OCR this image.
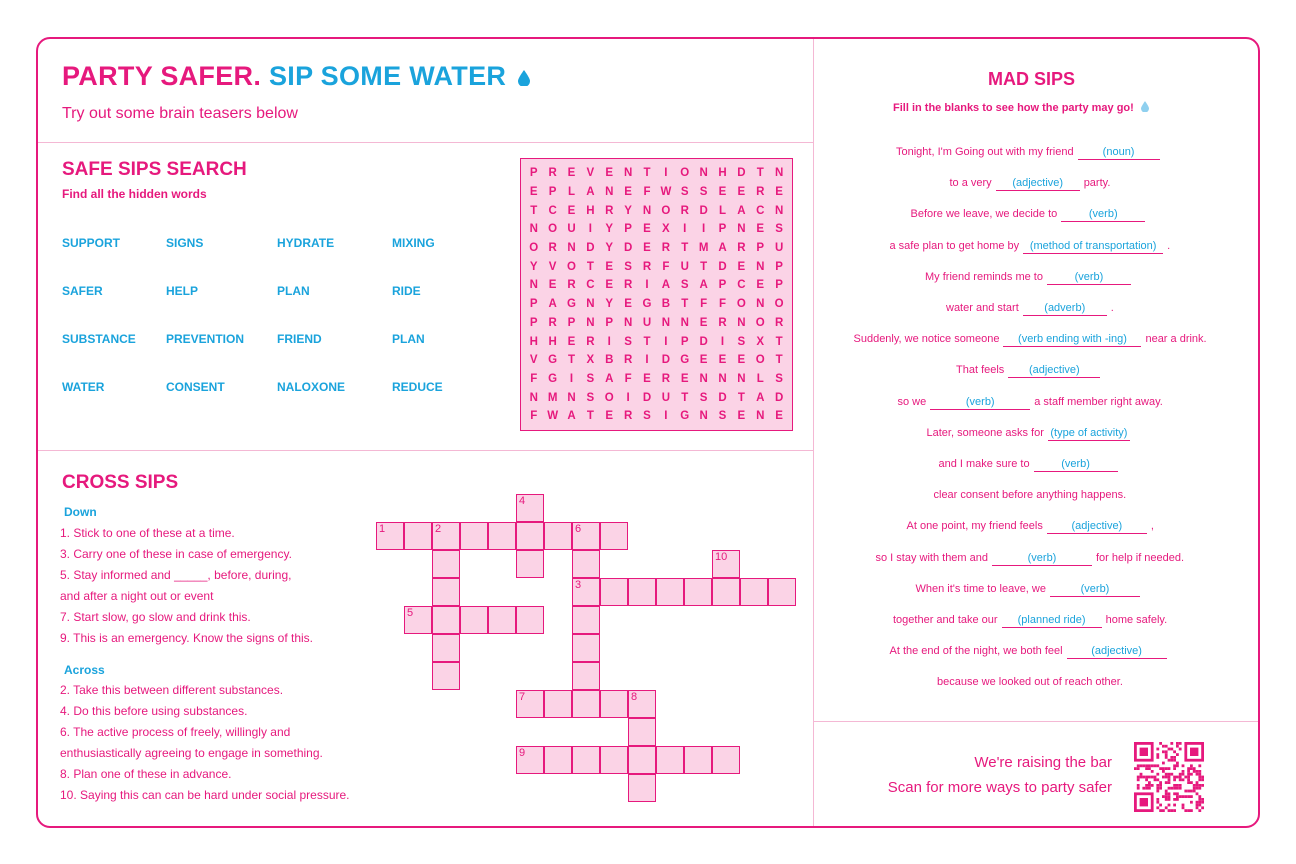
PARTY SAFER. SIP SOME WATER
Try out some brain teasers below
SAFE SIPS SEARCH
Find all the hidden words
SUPPORT	SIGNS	HYDRATE	MIXING
SAFER	HELP	PLAN	RIDE
SUBSTANCE	PREVENTION	FRIEND	PLAN
WATER	CONSENT	NALOXONE	REDUCE
P R E V E N T	I	O N H D T N
E P	L A N E	F W S S E E R E
T C E H R Y N O R D L A C N
N O U	I	Y P E X	I	I	P N E S
O R N D Y D E R T M A R P U
Y V O T	E S R F U T D E N P
N E R C E R	I	A S A P C E P
P A G N Y E G B T	F	F O N O
P R P N P N U N N E R N O R
H H E R	I	S	T	I	P D	I	S X	T
V G T	X B R	I	D G E E E O T
F G	I	S A F	E R E N N N L	S
N M N S O	I	D U T	S D T A D
F W A T	E R S	I	G N S E N E
CROSS SIPS
Down
1. Stick to one of these at a time.
3. Carry one of these in case of emergency.
5. Stay informed and _____, before, during,
and after a night out or event
7. Start slow, go slow and drink this.
9. This is an emergency. Know the signs of this.
Across
2. Take this between different substances.
4. Do this before using substances.
6. The active process of freely, willingly and
enthusiastically agreeing to engage in something.
8. Plan one of these in advance.
10. Saying this can can be hard under social pressure.
4
1	2	6
10
3
5
7	8
9
MAD SIPS
Fill in the blanks to see how the party may go!
Tonight, I'm Going out with my friend	(noun)
to a very (adjective) party.
Before we leave, we decide to	(verb)
a safe plan to get home by (method of transportation) .
My friend reminds me to	(verb)
water and start (adverb) .
Suddenly, we notice someone (verb ending with -ing) near a drink.
That feels (adjective)
so we	(verb)	a staff member right away.
Later, someone asks for (type of activity)
and I make sure to	(verb)
clear consent before anything happens.
At one point, my friend feels	(adjective)	,
so I stay with them and	(verb)	for help if needed.
When it's time to leave, we	(verb)
together and take our (planned ride) home safely.
At the end of the night, we both feel	(adjective)
because we looked out of reach other.
We're raising the bar
Scan for more ways to party safer
